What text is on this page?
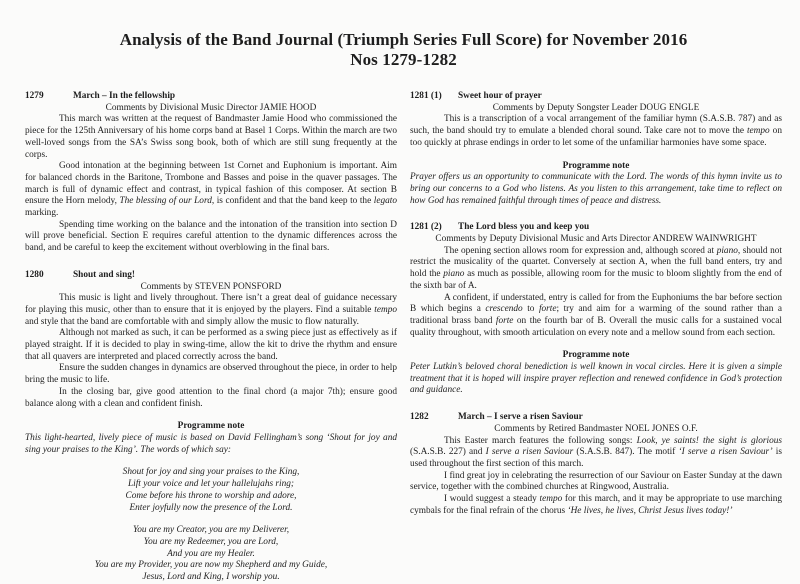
Analysis of the Band Journal (Triumph Series Full Score) for November 2016
Nos 1279-1282
1279	March – In the fellowship
Comments by Divisional Music Director JAMIE HOOD

This march was written at the request of Bandmaster Jamie Hood who commissioned the piece for the 125th Anniversary of his home corps band at Basel 1 Corps. Within the march are two well-loved songs from the SA’s Swiss song book, both of which are still sung frequently at the corps.

Good intonation at the beginning between 1st Cornet and Euphonium is important. Aim for balanced chords in the Baritone, Trombone and Basses and poise in the quaver passages. The march is full of dynamic effect and contrast, in typical fashion of this composer. At section B ensure the Horn melody, The blessing of our Lord, is confident and that the band keep to the legato marking.

Spending time working on the balance and the intonation of the transition into section D will prove beneficial. Section E requires careful attention to the dynamic differences across the band, and be careful to keep the excitement without overblowing in the final bars.

1280	Shout and sing!
Comments by STEVEN PONSFORD

This music is light and lively throughout. There isn’t a great deal of guidance necessary for playing this music, other than to ensure that it is enjoyed by the players. Find a suitable tempo and style that the band are comfortable with and simply allow the music to flow naturally.

Although not marked as such, it can be performed as a swing piece just as effectively as if played straight. If it is decided to play in swing-time, allow the kit to drive the rhythm and ensure that all quavers are interpreted and placed correctly across the band.

Ensure the sudden changes in dynamics are observed throughout the piece, in order to help bring the music to life.

In the closing bar, give good attention to the final chord (a major 7th); ensure good balance along with a clean and confident finish.

Programme note

This light-hearted, lively piece of music is based on David Fellingham’s song ‘Shout for joy and sing your praises to the King’. The words of which say:

Shout for joy and sing your praises to the King,
Lift your voice and let your hallelujahs ring;
Come before his throne to worship and adore,
Enter joyfully now the presence of the Lord.
You are my Creator, you are my Deliverer,
You are my Redeemer, you are Lord,
And you are my Healer.
You are my Provider, you are now my Shepherd and my Guide,
Jesus, Lord and King, I worship you.
1281 (1) Sweet hour of prayer
Comments by Deputy Songster Leader DOUG ENGLE

This is a transcription of a vocal arrangement of the familiar hymn (S.A.S.B. 787) and as such, the band should try to emulate a blended choral sound. Take care not to move the tempo on too quickly at phrase endings in order to let some of the unfamiliar harmonies have some space.

Programme note

Prayer offers us an opportunity to communicate with the Lord. The words of this hymn invite us to bring our concerns to a God who listens. As you listen to this arrangement, take time to reflect on how God has remained faithful through times of peace and distress.

1281 (2) The Lord bless you and keep you
Comments by Deputy Divisional Music and Arts Director ANDREW WAINWRIGHT

The opening section allows room for expression and, although scored at piano, should not restrict the musicality of the quartet. Conversely at section A, when the full band enters, try and hold the piano as much as possible, allowing room for the music to bloom slightly from the end of the sixth bar of A.

A confident, if understated, entry is called for from the Euphoniums the bar before section B which begins a crescendo to forte; try and aim for a warming of the sound rather than a traditional brass band forte on the fourth bar of B. Overall the music calls for a sustained vocal quality throughout, with smooth articulation on every note and a mellow sound from each section.

Programme note

Peter Lutkin’s beloved choral benediction is well known in vocal circles. Here it is given a simple treatment that it is hoped will inspire prayer reflection and renewed confidence in God’s protection and guidance.

1282	March – I serve a risen Saviour
Comments by Retired Bandmaster NOEL JONES O.F.

This Easter march features the following songs: Look, ye saints! the sight is glorious (S.A.S.B. 227) and I serve a risen Saviour (S.A.S.B. 847). The motif ‘I serve a risen Saviour’ is used throughout the first section of this march.

I find great joy in celebrating the resurrection of our Saviour on Easter Sunday at the dawn service, together with the combined churches at Ringwood, Australia.

I would suggest a steady tempo for this march, and it may be appropriate to use marching cymbals for the final refrain of the chorus ‘He lives, he lives, Christ Jesus lives today!’
